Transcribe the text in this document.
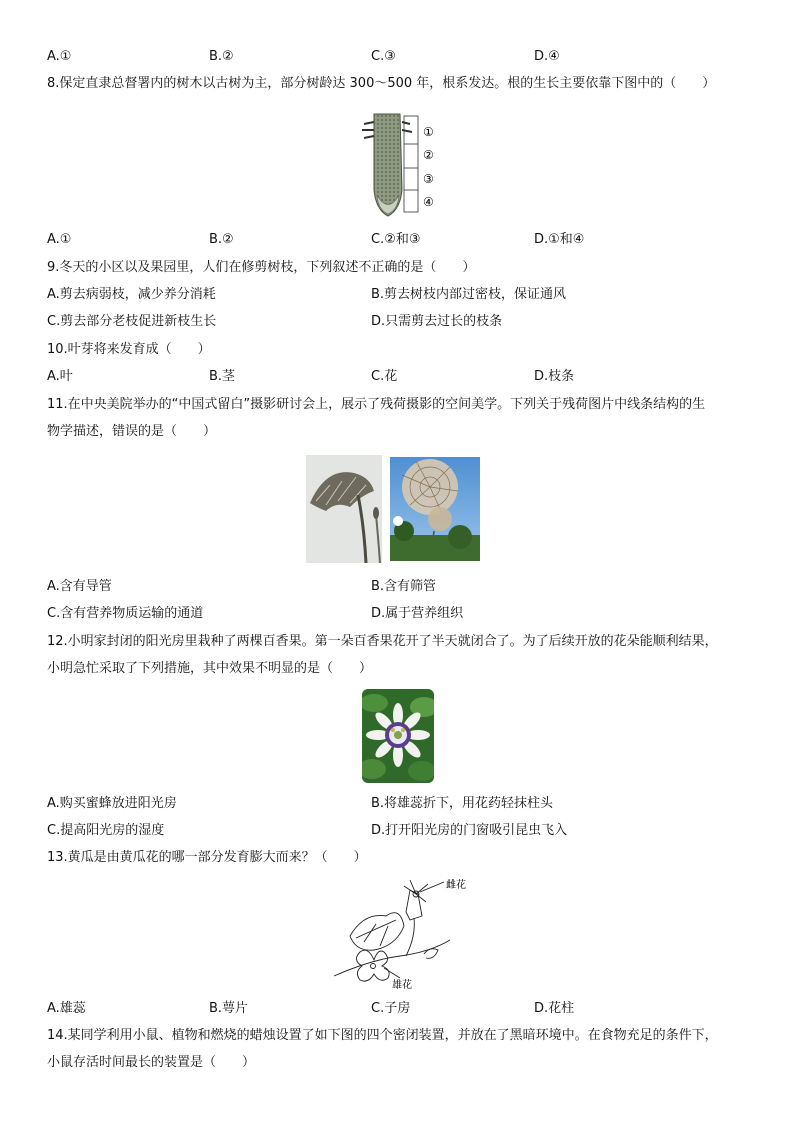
A.①	B.②	C.③	D.④
8.保定直隶总督署内的树木以古树为主，部分树龄达 300～500 年，根系发达。根的生长主要依靠下图中的（　　）
①
②
③
④
A.①	B.②	C.②和③	D.①和④
9.冬天的小区以及果园里，人们在修剪树枝，下列叙述不正确的是（　　）
A.剪去病弱枝，减少养分消耗	B.剪去树枝内部过密枝，保证通风
C.剪去部分老枝促进新枝生长	D.只需剪去过长的枝条
10.叶芽将来发育成（　　）
A.叶	B.茎	C.花	D.枝条
11.在中央美院举办的“中国式留白”摄影研讨会上，展示了残荷摄影的空间美学。下列关于残荷图片中线条结构的生
物学描述，错误的是（　　）
A.含有导管	B.含有筛管
C.含有营养物质运输的通道	D.属于营养组织
12.小明家封闭的阳光房里栽种了两棵百香果。第一朵百香果花开了半天就闭合了。为了后续开放的花朵能顺利结果，
小明急忙采取了下列措施，其中效果不明显的是（　　）
A.购买蜜蜂放进阳光房	B.将雄蕊折下，用花药轻抹柱头
C.提高阳光房的湿度	D.打开阳光房的门窗吸引昆虫飞入
13.黄瓜是由黄瓜花的哪一部分发育膨大而来？（　　）
雌花
雄花
A.雄蕊	B.萼片	C.子房	D.花柱
14.某同学利用小鼠、植物和燃烧的蜡烛设置了如下图的四个密闭装置，并放在了黑暗环境中。在食物充足的条件下，
小鼠存活时间最长的装置是（　　）
